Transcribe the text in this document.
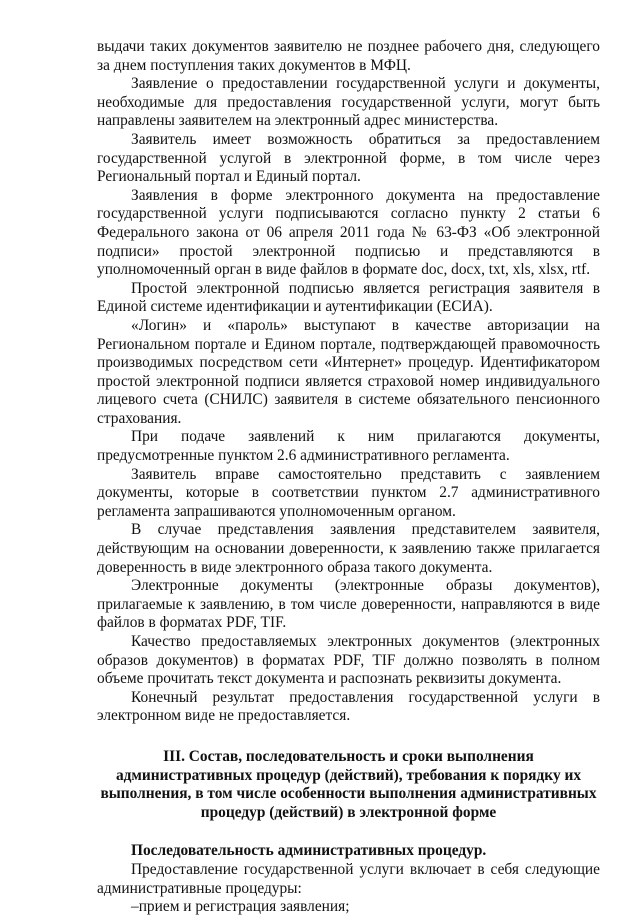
выдачи таких документов заявителю не позднее рабочего дня, следующего за днем поступления таких документов в МФЦ.

Заявление о предоставлении государственной услуги и документы, необходимые для предоставления государственной услуги, могут быть направлены заявителем на электронный адрес министерства.

Заявитель имеет возможность обратиться за предоставлением государственной услугой в электронной форме, в том числе через Региональный портал и Единый портал.

Заявления в форме электронного документа на предоставление государственной услуги подписываются согласно пункту 2 статьи 6 Федерального закона от 06 апреля 2011 года № 63-ФЗ «Об электронной подписи» простой электронной подписью и представляются в уполномоченный орган в виде файлов в формате doc, docx, txt, xls, xlsx, rtf.

Простой электронной подписью является регистрация заявителя в Единой системе идентификации и аутентификации (ЕСИА).

«Логин» и «пароль» выступают в качестве авторизации на Региональном портале и Едином портале, подтверждающей правомочность производимых посредством сети «Интернет» процедур. Идентификатором простой электронной подписи является страховой номер индивидуального лицевого счета (СНИЛС) заявителя в системе обязательного пенсионного страхования.

При подаче заявлений к ним прилагаются документы, предусмотренные пунктом 2.6 административного регламента.

Заявитель вправе самостоятельно представить с заявлением документы, которые в соответствии пунктом 2.7 административного регламента запрашиваются уполномоченным органом.

В случае представления заявления представителем заявителя, действующим на основании доверенности, к заявлению также прилагается доверенность в виде электронного образа такого документа.

Электронные документы (электронные образы документов), прилагаемые к заявлению, в том числе доверенности, направляются в виде файлов в форматах PDF, TIF.

Качество предоставляемых электронных документов (электронных образов документов) в форматах PDF, TIF должно позволять в полном объеме прочитать текст документа и распознать реквизиты документа.

Конечный результат предоставления государственной услуги в электронном виде не предоставляется.

III. Состав, последовательность и сроки выполнения
административных процедур (действий), требования к порядку их
выполнения, в том числе особенности выполнения административных
процедур (действий) в электронной форме

Последовательность административных процедур.

Предоставление государственной услуги включает в себя следующие административные процедуры:

–прием и регистрация заявления;
